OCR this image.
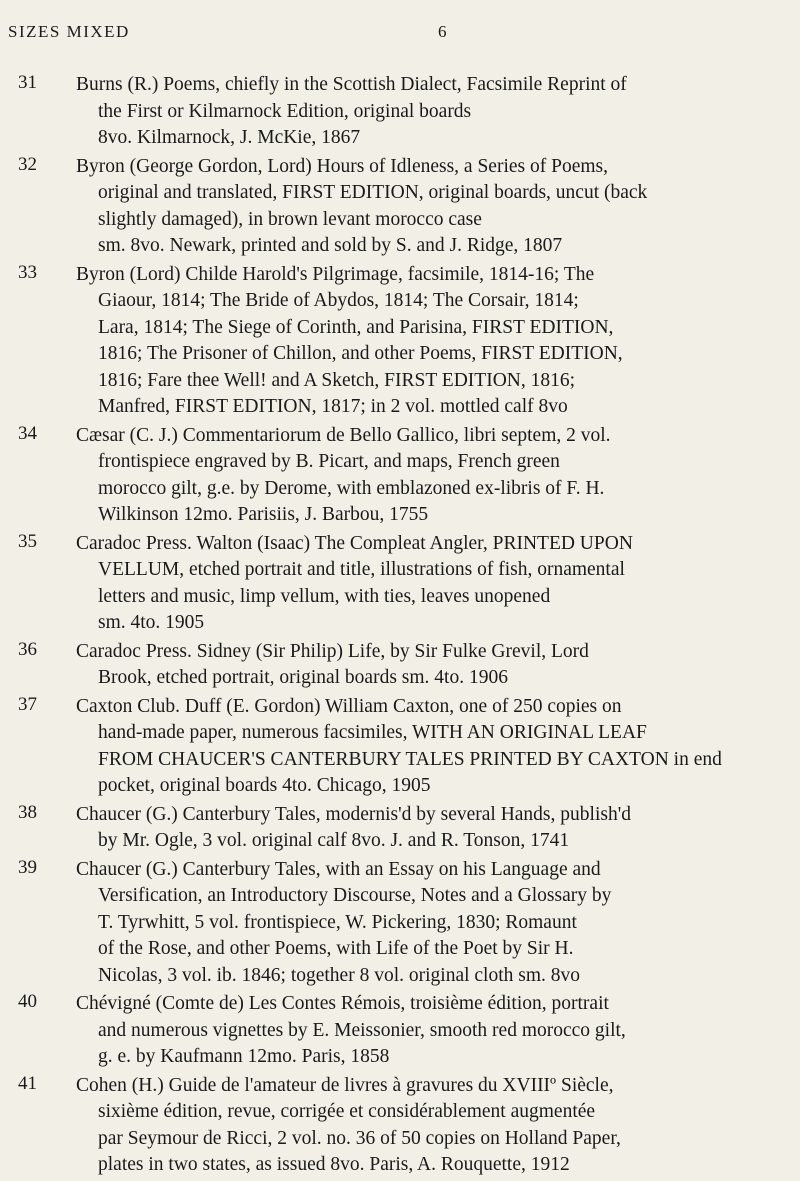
SIZES MIXED	6
31	Burns (R.) Poems, chiefly in the Scottish Dialect, Facsimile Reprint of
the First or Kilmarnock Edition, original boards
8vo. Kilmarnock, J. McKie, 1867
32	Byron (George Gordon, Lord) Hours of Idleness, a Series of Poems,
original and translated, FIRST EDITION, original boards, uncut (back
slightly damaged), in brown levant morocco case
sm. 8vo. Newark, printed and sold by S. and J. Ridge, 1807
33	Byron (Lord) Childe Harold's Pilgrimage, facsimile, 1814-16; The
Giaour, 1814; The Bride of Abydos, 1814; The Corsair, 1814;
Lara, 1814; The Siege of Corinth, and Parisina, FIRST EDITION,
1816; The Prisoner of Chillon, and other Poems, FIRST EDITION,
1816; Fare thee Well! and A Sketch, FIRST EDITION, 1816;
Manfred, FIRST EDITION, 1817; in 2 vol. mottled calf 8vo
34	Cæsar (C. J.) Commentariorum de Bello Gallico, libri septem, 2 vol.
frontispiece engraved by B. Picart, and maps, French green
morocco gilt, g.e. by Derome, with emblazoned ex-libris of F. H.
Wilkinson 12mo. Parisiis, J. Barbou, 1755
35	Caradoc Press. Walton (Isaac) The Compleat Angler, PRINTED UPON
VELLUM, etched portrait and title, illustrations of fish, ornamental
letters and music, limp vellum, with ties, leaves unopened
sm. 4to. 1905
36	Caradoc Press. Sidney (Sir Philip) Life, by Sir Fulke Grevil, Lord
Brook, etched portrait, original boards sm. 4to. 1906
37	Caxton Club. Duff (E. Gordon) William Caxton, one of 250 copies on
hand-made paper, numerous facsimiles, WITH AN ORIGINAL LEAF
FROM CHAUCER'S CANTERBURY TALES PRINTED BY CAXTON in end
pocket, original boards 4to. Chicago, 1905
38	Chaucer (G.) Canterbury Tales, modernis'd by several Hands, publish'd
by Mr. Ogle, 3 vol. original calf 8vo. J. and R. Tonson, 1741
39	Chaucer (G.) Canterbury Tales, with an Essay on his Language and
Versification, an Introductory Discourse, Notes and a Glossary by
T. Tyrwhitt, 5 vol. frontispiece, W. Pickering, 1830; Romaunt
of the Rose, and other Poems, with Life of the Poet by Sir H.
Nicolas, 3 vol. ib. 1846; together 8 vol. original cloth sm. 8vo
40	Chévigné (Comte de) Les Contes Rémois, troisième édition, portrait
and numerous vignettes by E. Meissonier, smooth red morocco gilt,
g. e. by Kaufmann 12mo. Paris, 1858
41	Cohen (H.) Guide de l'amateur de livres à gravures du XVIIIº Siècle,
sixième édition, revue, corrigée et considérablement augmentée
par Seymour de Ricci, 2 vol. no. 36 of 50 copies on Holland Paper,
plates in two states, as issued 8vo. Paris, A. Rouquette, 1912
